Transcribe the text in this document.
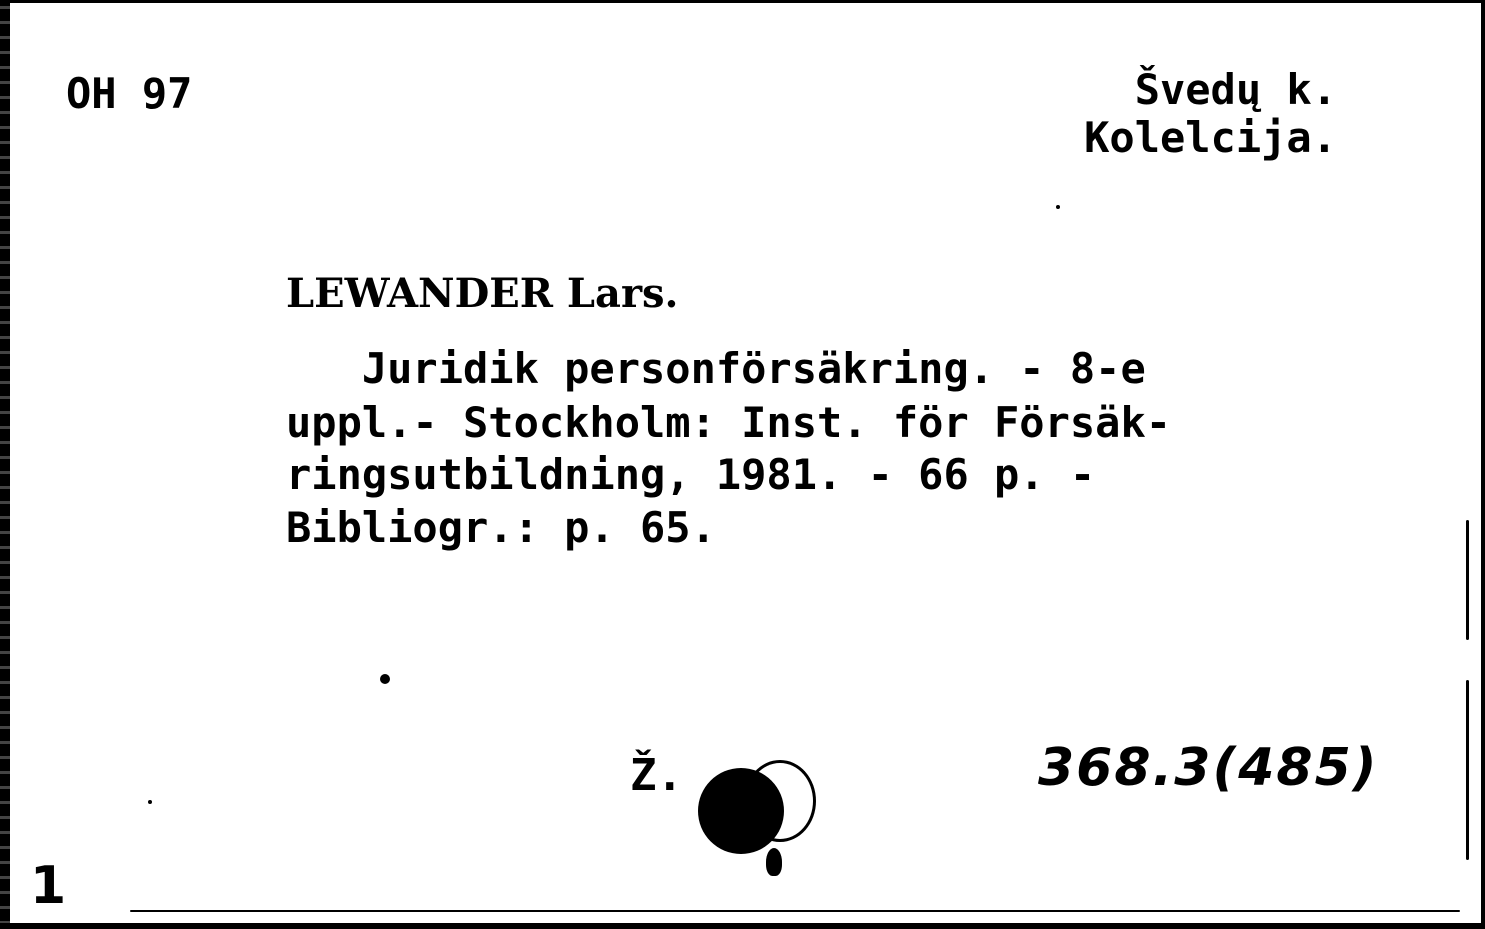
OH 97	Švedų k.
Kolelcija.
LEWANDER Lars.
Juridik personförsäkring. - 8-e
uppl.- Stockholm: Inst. för Försäk-
ringsutbildning, 1981. - 66 p. -
Bibliogr.: p. 65.
Ž.	368.3(485)
1
